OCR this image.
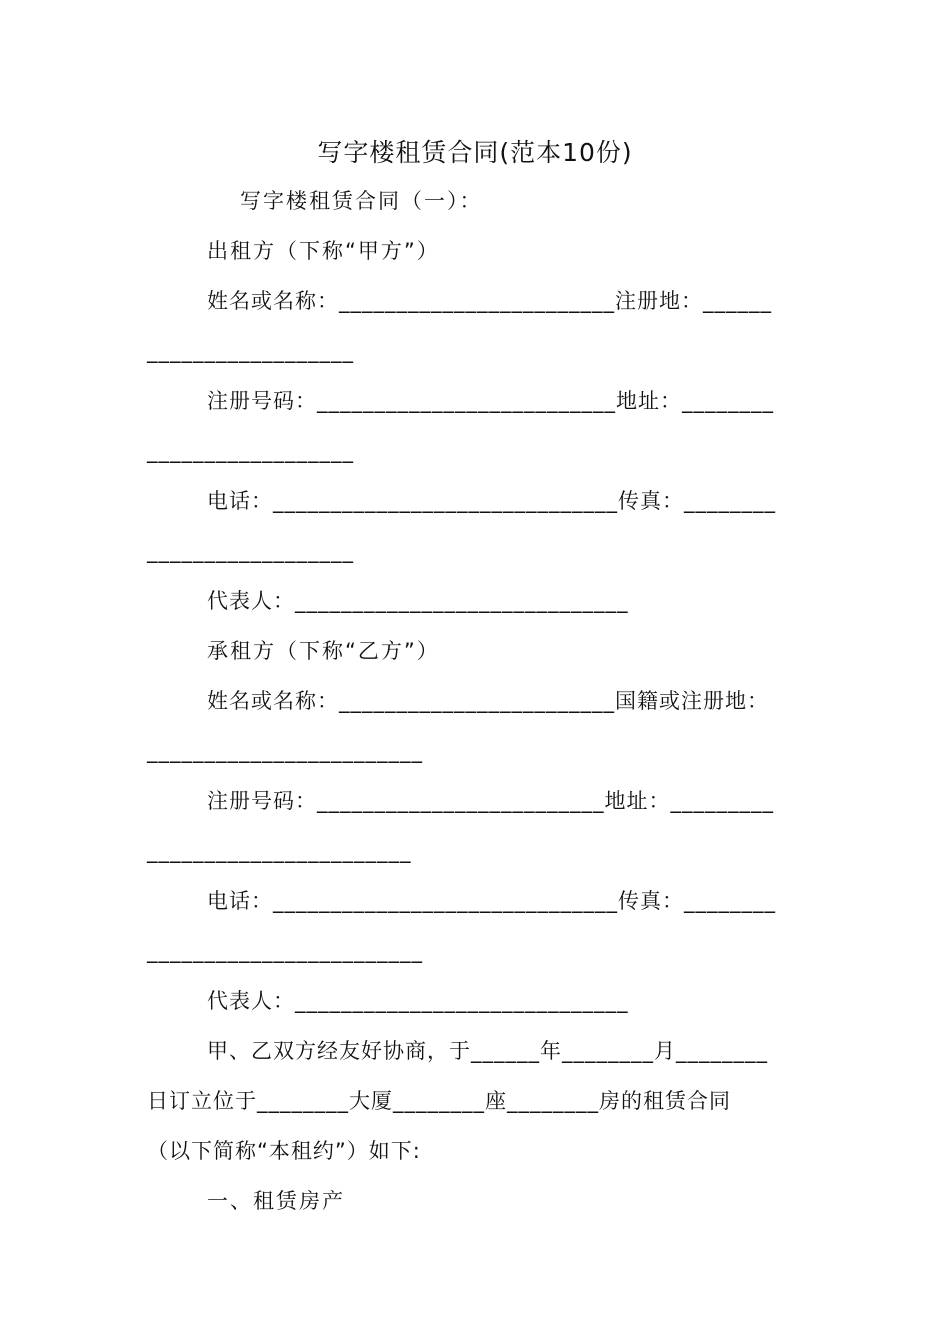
写字楼租赁合同(范本10份)
写字楼租赁合同（一）：
出租方（下称“甲方”）
姓名或名称：________________________注册地：______
__________________
注册号码：__________________________地址：________
__________________
电话：______________________________传真：________
__________________
代表人：_____________________________
承租方（下称“乙方”）
姓名或名称：________________________国籍或注册地：
________________________
注册号码：_________________________地址：_________
_______________________
电话：______________________________传真：________
________________________
代表人：_____________________________
甲、乙双方经友好协商，于______年________月________
日订立位于________大厦________座________房的租赁合同
（以下简称“本租约”）如下:
一、租赁房产
